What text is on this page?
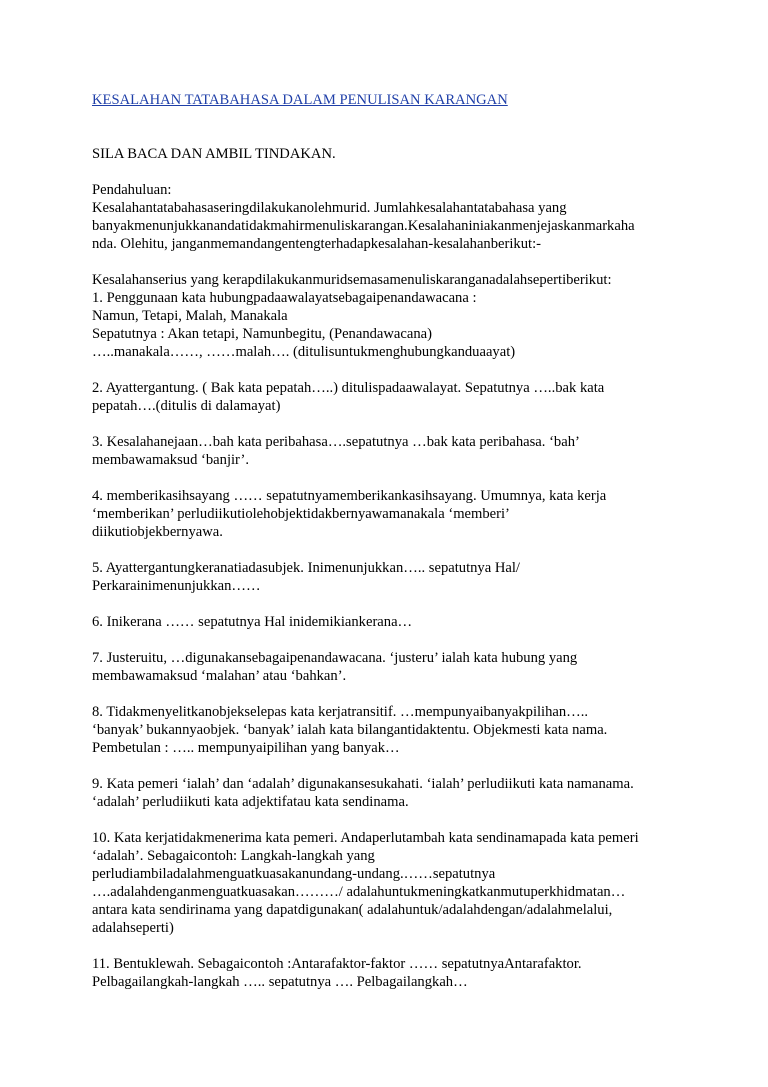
KESALAHAN TATABAHASA DALAM PENULISAN KARANGAN

SILA BACA DAN AMBIL TINDAKAN.

Pendahuluan:

Kesalahantatabahasaseringdilakukanolehmurid. Jumlahkesalahantatabahasa yang

banyakmenunjukkanandatidakmahirmenuliskarangan.Kesalahaniniakanmenjejaskanmarkaha

nda. Olehitu, janganmemandangentengterhadapkesalahan-kesalahanberikut:-

Kesalahanserius yang kerapdilakukanmuridsemasamenuliskaranganadalahsepertiberikut:

1. Penggunaan kata hubungpadaawalayatsebagaipenandawacana :

Namun, Tetapi, Malah, Manakala

Sepatutnya : Akan tetapi, Namunbegitu, (Penandawacana)

…..manakala……, ……malah…. (ditulisuntukmenghubungkanduaayat)

2. Ayattergantung. ( Bak kata pepatah…..) ditulispadaawalayat. Sepatutnya …..bak kata

pepatah….(ditulis di dalamayat)

3. Kesalahanejaan…bah kata peribahasa….sepatutnya …bak kata peribahasa. ‘bah’

membawamaksud ‘banjir’.

4. memberikasihsayang …… sepatutnyamemberikankasihsayang. Umumnya, kata kerja

‘memberikan’ perludiikutiolehobjektidakbernyawamanakala ‘memberi’

diikutiobjekbernyawa.

5. Ayattergantungkeranatiadasubjek. Inimenunjukkan….. sepatutnya Hal/

Perkarainimenunjukkan……

6. Inikerana …… sepatutnya Hal inidemikiankerana…

7. Justeruitu, …digunakansebagaipenandawacana. ‘justeru’ ialah kata hubung yang

membawamaksud ‘malahan’ atau ‘bahkan’.

8. Tidakmenyelitkanobjekselepas kata kerjatransitif. …mempunyaibanyakpilihan…..

‘banyak’ bukannyaobjek. ‘banyak’ ialah kata bilangantidaktentu. Objekmesti kata nama.

Pembetulan : ….. mempunyaipilihan yang banyak…

9. Kata pemeri ‘ialah’ dan ‘adalah’ digunakansesukahati. ‘ialah’ perludiikuti kata namanama.

‘adalah’ perludiikuti kata adjektifatau kata sendinama.

10. Kata kerjatidakmenerima kata pemeri. Andaperlutambah kata sendinamapada kata pemeri

‘adalah’. Sebagaicontoh: Langkah-langkah yang

perludiambiladalahmenguatkuasakanundang-undang.……sepatutnya

….adalahdenganmenguatkuasakan………/ adalahuntukmeningkatkanmutuperkhidmatan…

antara kata sendirinama yang dapatdigunakan( adalahuntuk/adalahdengan/adalahmelalui,

adalahseperti)

11. Bentuklewah. Sebagaicontoh :Antarafaktor-faktor …… sepatutnyaAntarafaktor.

Pelbagailangkah-langkah ….. sepatutnya …. Pelbagailangkah…
